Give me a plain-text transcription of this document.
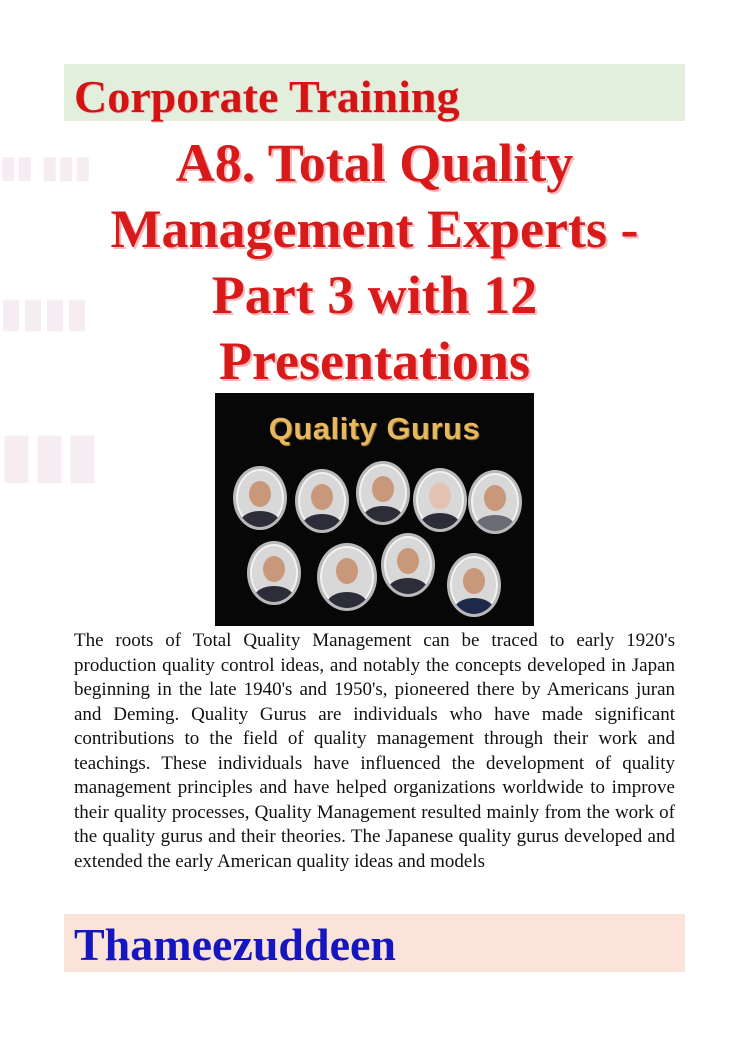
Corporate Training
▮▮ ▮▮▮
▮▮▮▮
▮▮▮
A8. Total Quality Management Experts - Part 3 with 12 Presentations
Quality Gurus

The roots of Total Quality Management can be traced to early 1920's production quality control ideas, and notably the concepts developed in Japan beginning in the late 1940's and 1950's, pioneered there by Americans juran and Deming. Quality Gurus are individuals who have made significant contributions to the field of quality management through their work and teachings. These individuals have influenced the development of quality management principles and have helped organizations worldwide to improve their quality processes, Quality Management resulted mainly from the work of the quality gurus and their theories. The Japanese quality gurus developed and extended the early American quality ideas and models

Thameezuddeen
